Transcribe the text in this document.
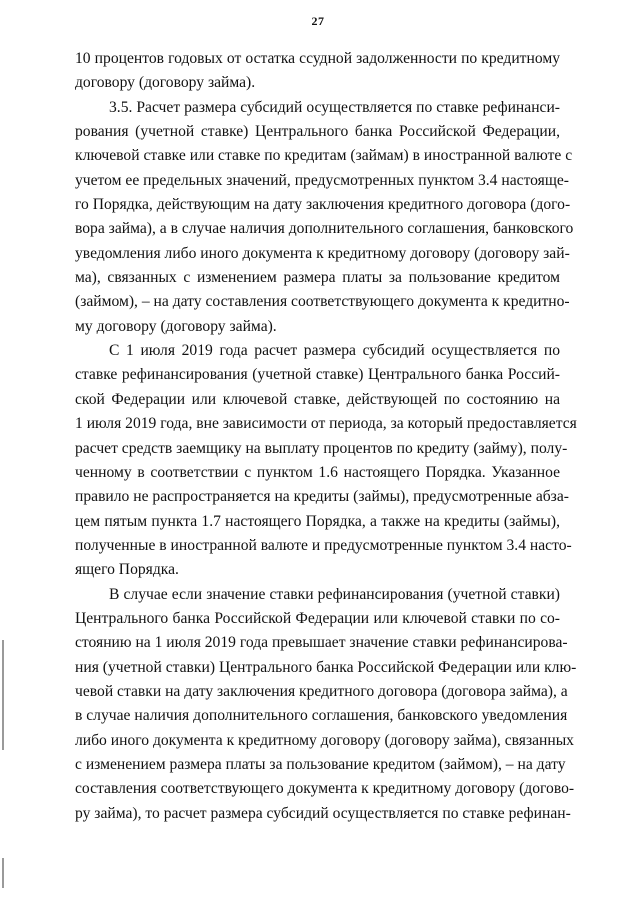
27
10 процентов годовых от остатка ссудной задолженности по кредитному
договору (договору займа).
3.5. Расчет размера субсидий осуществляется по ставке рефинанси-
рования (учетной ставке) Центрального банка Российской Федерации,
ключевой ставке или ставке по кредитам (займам) в иностранной валюте с
учетом ее предельных значений, предусмотренных пунктом 3.4 настояще-
го Порядка, действующим на дату заключения кредитного договора (дого-
вора займа), а в случае наличия дополнительного соглашения, банковского
уведомления либо иного документа к кредитному договору (договору зай-
ма), связанных с изменением размера платы за пользование кредитом
(займом), – на дату составления соответствующего документа к кредитно-
му договору (договору займа).
С 1 июля 2019 года расчет размера субсидий осуществляется по
ставке рефинансирования (учетной ставке) Центрального банка Россий-
ской Федерации или ключевой ставке, действующей по состоянию на
1 июля 2019 года, вне зависимости от периода, за который предоставляется
расчет средств заемщику на выплату процентов по кредиту (займу), полу-
ченному в соответствии с пунктом 1.6 настоящего Порядка. Указанное
правило не распространяется на кредиты (займы), предусмотренные абза-
цем пятым пункта 1.7 настоящего Порядка, а также на кредиты (займы),
полученные в иностранной валюте и предусмотренные пунктом 3.4 насто-
ящего Порядка.
В случае если значение ставки рефинансирования (учетной ставки)
Центрального банка Российской Федерации или ключевой ставки по со-
стоянию на 1 июля 2019 года превышает значение ставки рефинансирова-
ния (учетной ставки) Центрального банка Российской Федерации или клю-
чевой ставки на дату заключения кредитного договора (договора займа), а
в случае наличия дополнительного соглашения, банковского уведомления
либо иного документа к кредитному договору (договору займа), связанных
с изменением размера платы за пользование кредитом (займом), – на дату
составления соответствующего документа к кредитному договору (догово-
ру займа), то расчет размера субсидий осуществляется по ставке рефинан-
